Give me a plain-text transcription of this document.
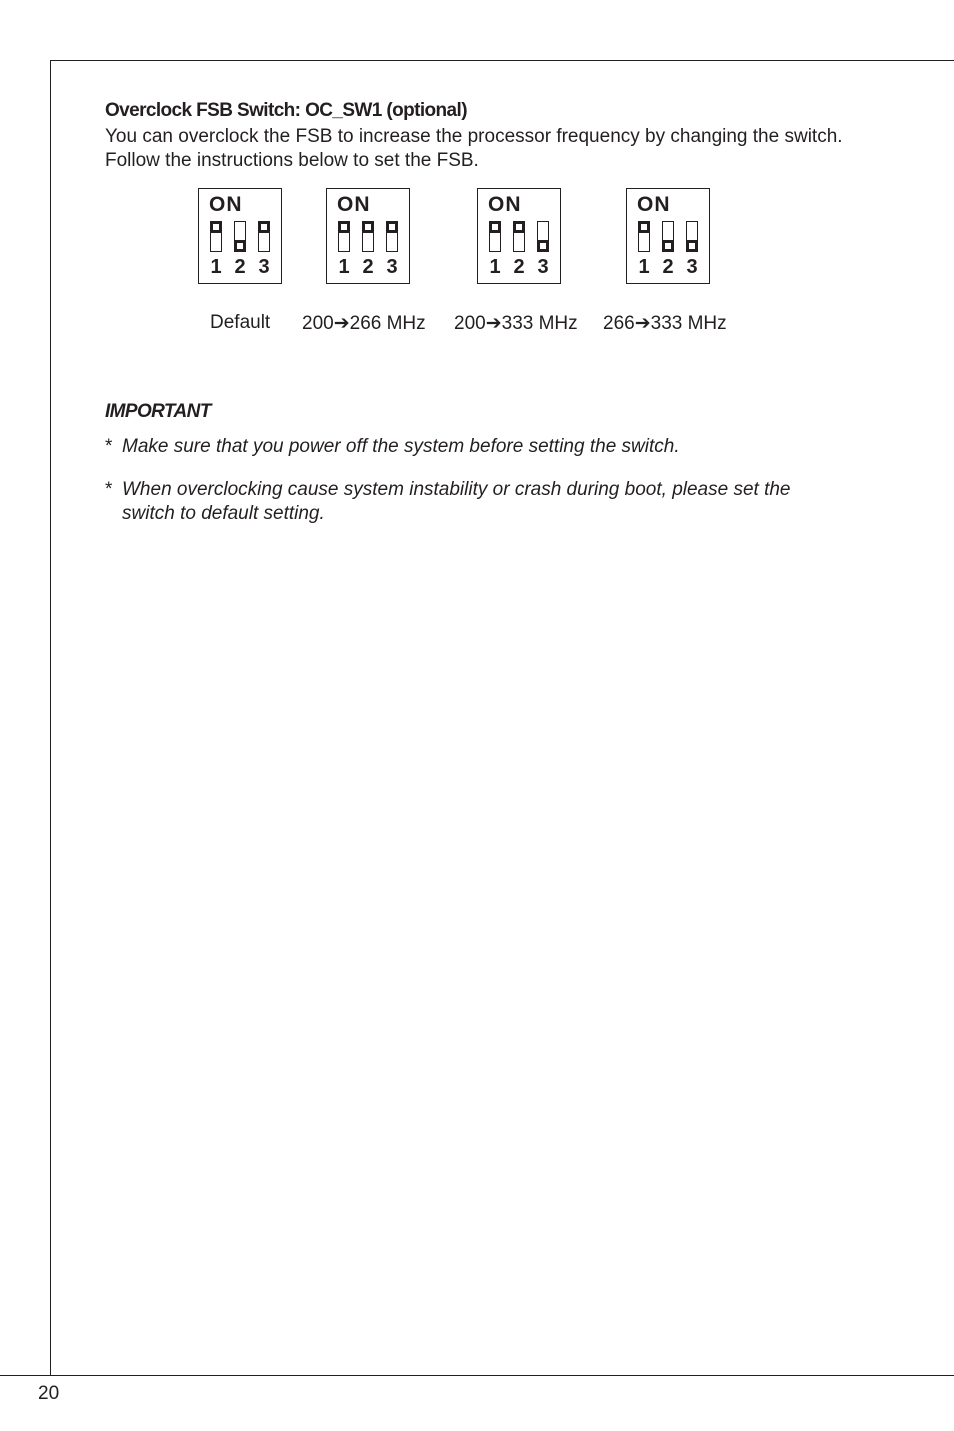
Overclock FSB Switch: OC_SW1 (optional)

You can overclock the FSB to increase the processor frequency by changing the switch. Follow the instructions below to set the FSB.

ON
1 2 3
ON
1 2 3
ON
1 2 3
ON
1 2 3
Default 200➔266 MHz 200➔333 MHz 266➔333 MHz
IMPORTANT
* Make sure that you power off the system before setting the switch.
* When overclocking cause system instability or crash during boot, please set the switch to default setting.
20
